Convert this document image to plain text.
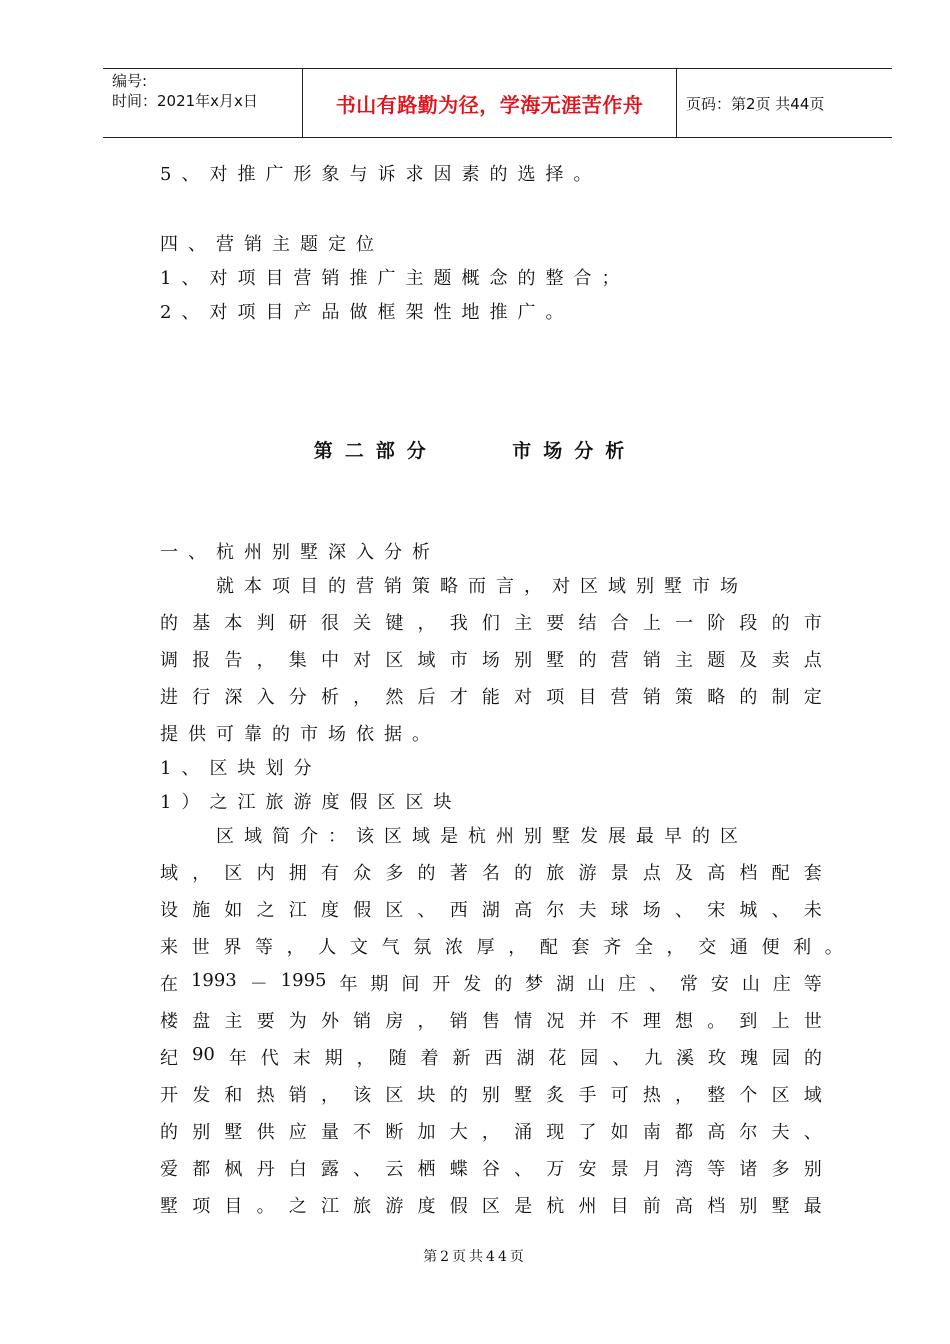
编号:
时间：2021年x月x日	书山有路勤为径，学海无涯苦作舟	页码：第2页 共44页
5、对推广形象与诉求因素的选择。
四、营销主题定位
1、对项目营销推广主题概念的整合；
2、对项目产品做框架性地推广。
第二部分    市场分析
一、杭州别墅深入分析
　　就本项目的营销策略而言，对区域别墅市场
的 基 本 判 研 很 关 键 ， 我 们 主 要 结 合 上 一 阶 段 的 市
调 报 告 ， 集 中 对 区 域 市 场 别 墅 的 营 销 主 题 及 卖 点
进 行 深 入 分 析 ， 然 后 才 能 对 项 目 营 销 策 略 的 制 定
提供可靠的市场依据。
1、区块划分
1）之江旅游度假区区块
　　区域简介：该区域是杭州别墅发展最早的区
域 ， 区 内 拥 有 众 多 的 著 名 的 旅 游 景 点 及 高 档 配 套
设 施 如 之 江 度 假 区 、 西 湖 高 尔 夫 球 场 、 宋 城 、 未
来 世 界 等 ， 人 文 气 氛 浓 厚 ， 配 套 齐 全 ， 交 通 便 利 。
在 1993 － 1995 年 期 间 开 发 的 梦 湖 山 庄 、 常 安 山 庄 等
楼 盘 主 要 为 外 销 房 ， 销 售 情 况 并 不 理 想 。 到 上 世
纪 90 年 代 末 期 ， 随 着 新 西 湖 花 园 、 九 溪 玫 瑰 园 的
开 发 和 热 销 ， 该 区 块 的 别 墅 炙 手 可 热 ， 整 个 区 域
的 别 墅 供 应 量 不 断 加 大 ， 涌 现 了 如 南 都 高 尔 夫 、
爱 都 枫 丹 白 露 、 云 栖 蝶 谷 、 万 安 景 月 湾 等 诸 多 别
墅 项 目 。 之 江 旅 游 度 假 区 是 杭 州 目 前 高 档 别 墅 最
第2页共44页
